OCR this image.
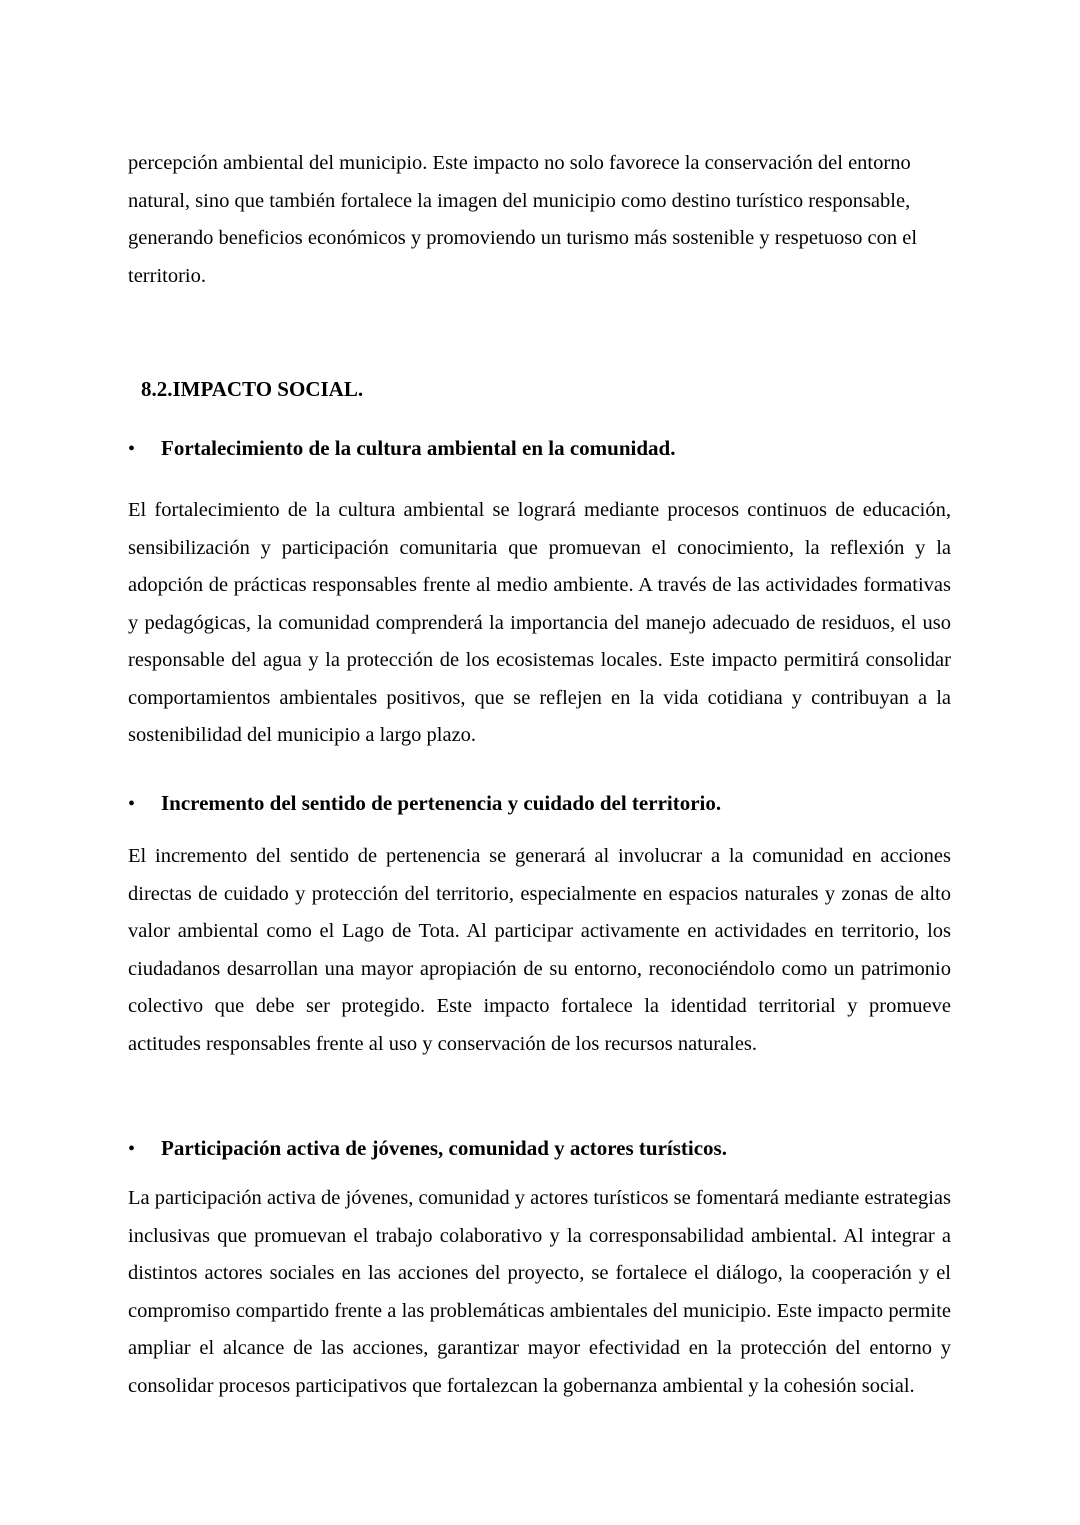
percepción ambiental del municipio. Este impacto no solo favorece la conservación del entorno natural, sino que también fortalece la imagen del municipio como destino turístico responsable, generando beneficios económicos y promoviendo un turismo más sostenible y respetuoso con el territorio.

8.2.IMPACTO SOCIAL.
•	Fortalecimiento de la cultura ambiental en la comunidad.

El fortalecimiento de la cultura ambiental se logrará mediante procesos continuos de educación, sensibilización y participación comunitaria que promuevan el conocimiento, la reflexión y la adopción de prácticas responsables frente al medio ambiente. A través de las actividades formativas y pedagógicas, la comunidad comprenderá la importancia del manejo adecuado de residuos, el uso responsable del agua y la protección de los ecosistemas locales. Este impacto permitirá consolidar comportamientos ambientales positivos, que se reflejen en la vida cotidiana y contribuyan a la sostenibilidad del municipio a largo plazo.

•	Incremento del sentido de pertenencia y cuidado del territorio.

El incremento del sentido de pertenencia se generará al involucrar a la comunidad en acciones directas de cuidado y protección del territorio, especialmente en espacios naturales y zonas de alto valor ambiental como el Lago de Tota. Al participar activamente en actividades en territorio, los ciudadanos desarrollan una mayor apropiación de su entorno, reconociéndolo como un patrimonio colectivo que debe ser protegido. Este impacto fortalece la identidad territorial y promueve actitudes responsables frente al uso y conservación de los recursos naturales.

•	Participación activa de jóvenes, comunidad y actores turísticos.

La participación activa de jóvenes, comunidad y actores turísticos se fomentará mediante estrategias inclusivas que promuevan el trabajo colaborativo y la corresponsabilidad ambiental. Al integrar a distintos actores sociales en las acciones del proyecto, se fortalece el diálogo, la cooperación y el compromiso compartido frente a las problemáticas ambientales del municipio. Este impacto permite ampliar el alcance de las acciones, garantizar mayor efectividad en la protección del entorno y consolidar procesos participativos que fortalezcan la gobernanza ambiental y la cohesión social.
